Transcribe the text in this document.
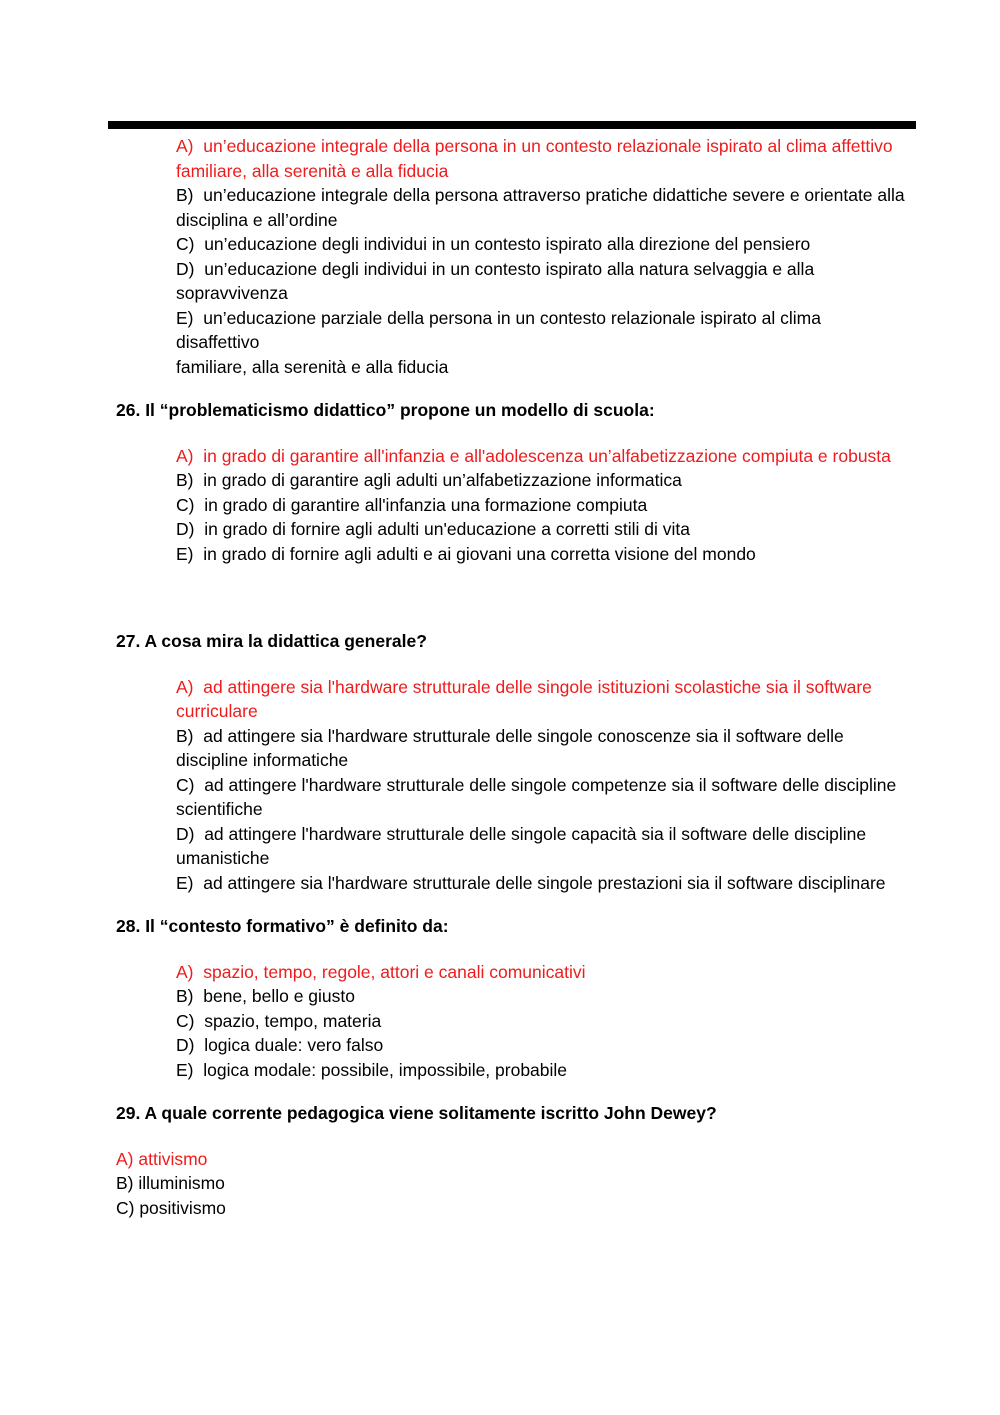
A)  un’educazione integrale della persona in un contesto relazionale ispirato al clima affettivo familiare, alla serenità e alla fiducia

B)  un’educazione integrale della persona attraverso pratiche didattiche severe e orientate alla disciplina e all’ordine

C)  un’educazione degli individui in un contesto ispirato alla direzione del pensiero

D)  un’educazione degli individui in un contesto ispirato alla natura selvaggia e alla sopravvivenza

E)  un’educazione parziale della persona in un contesto relazionale ispirato al clima disaffettivo

familiare, alla serenità e alla fiducia

26. Il “problematicismo didattico” propone un modello di scuola:

A)  in grado di garantire all'infanzia e all'adolescenza un’alfabetizzazione compiuta e robusta

B)  in grado di garantire agli adulti un’alfabetizzazione informatica

C)  in grado di garantire all'infanzia una formazione compiuta

D)  in grado di fornire agli adulti un'educazione a corretti stili di vita

E)  in grado di fornire agli adulti e ai giovani una corretta visione del mondo

27. A cosa mira la didattica generale?

A)  ad attingere sia l'hardware strutturale delle singole istituzioni scolastiche sia il software curriculare

B)  ad attingere sia l'hardware strutturale delle singole conoscenze sia il software delle discipline informatiche

C)  ad attingere l'hardware strutturale delle singole competenze sia il software delle discipline scientifiche

D)  ad attingere l'hardware strutturale delle singole capacità sia il software delle discipline umanistiche

E)  ad attingere sia l'hardware strutturale delle singole prestazioni sia il software disciplinare

28. Il “contesto formativo” è definito da:

A)  spazio, tempo, regole, attori e canali comunicativi

B)  bene, bello e giusto

C)  spazio, tempo, materia

D)  logica duale: vero falso

E)  logica modale: possibile, impossibile, probabile

29. A quale corrente pedagogica viene solitamente iscritto John Dewey?

A) attivismo

B) illuminismo

C) positivismo
